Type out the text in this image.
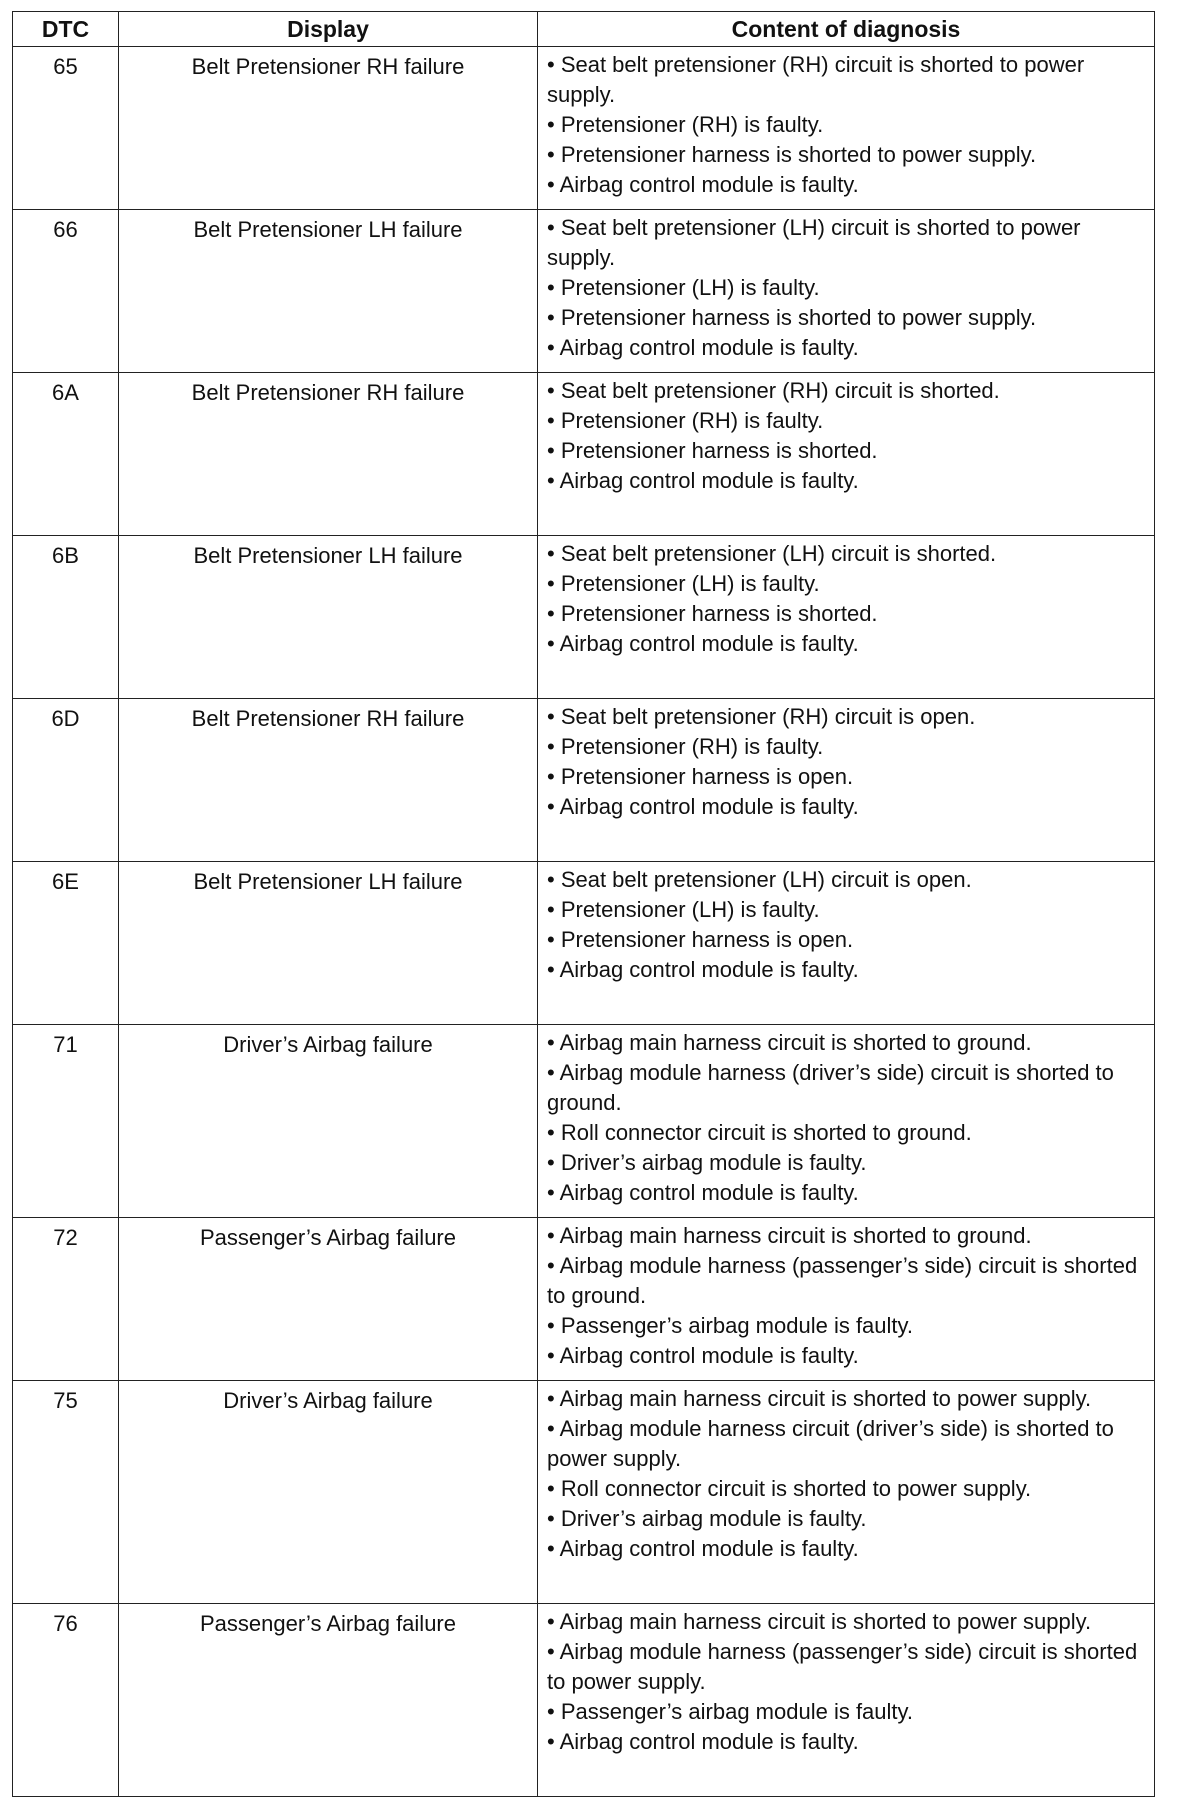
DTC	Display	Content of diagnosis
65	Belt Pretensioner RH failure	• Seat belt pretensioner (RH) circuit is shorted to power supply.
• Pretensioner (RH) is faulty.
• Pretensioner harness is shorted to power supply.
• Airbag control module is faulty.

66	Belt Pretensioner LH failure	• Seat belt pretensioner (LH) circuit is shorted to power supply.
• Pretensioner (LH) is faulty.
• Pretensioner harness is shorted to power supply.
• Airbag control module is faulty.

6A	Belt Pretensioner RH failure	• Seat belt pretensioner (RH) circuit is shorted.
• Pretensioner (RH) is faulty.
• Pretensioner harness is shorted.
• Airbag control module is faulty.

6B	Belt Pretensioner LH failure	• Seat belt pretensioner (LH) circuit is shorted.
• Pretensioner (LH) is faulty.
• Pretensioner harness is shorted.
• Airbag control module is faulty.

6D	Belt Pretensioner RH failure	• Seat belt pretensioner (RH) circuit is open.
• Pretensioner (RH) is faulty.
• Pretensioner harness is open.
• Airbag control module is faulty.

6E	Belt Pretensioner LH failure	• Seat belt pretensioner (LH) circuit is open.
• Pretensioner (LH) is faulty.
• Pretensioner harness is open.
• Airbag control module is faulty.

71	Driver’s Airbag failure	• Airbag main harness circuit is shorted to ground.
• Airbag module harness (driver’s side) circuit is shorted to ground.
• Roll connector circuit is shorted to ground.
• Driver’s airbag module is faulty.
• Airbag control module is faulty.

72	Passenger’s Airbag failure	• Airbag main harness circuit is shorted to ground.
• Airbag module harness (passenger’s side) circuit is shorted to ground.
• Passenger’s airbag module is faulty.
• Airbag control module is faulty.

75	Driver’s Airbag failure	• Airbag main harness circuit is shorted to power supply.
• Airbag module harness circuit (driver’s side) is shorted to power supply.
• Roll connector circuit is shorted to power supply.
• Driver’s airbag module is faulty.
• Airbag control module is faulty.

76	Passenger’s Airbag failure	• Airbag main harness circuit is shorted to power supply.
• Airbag module harness (passenger’s side) circuit is shorted to power supply.
• Passenger’s airbag module is faulty.
• Airbag control module is faulty.
